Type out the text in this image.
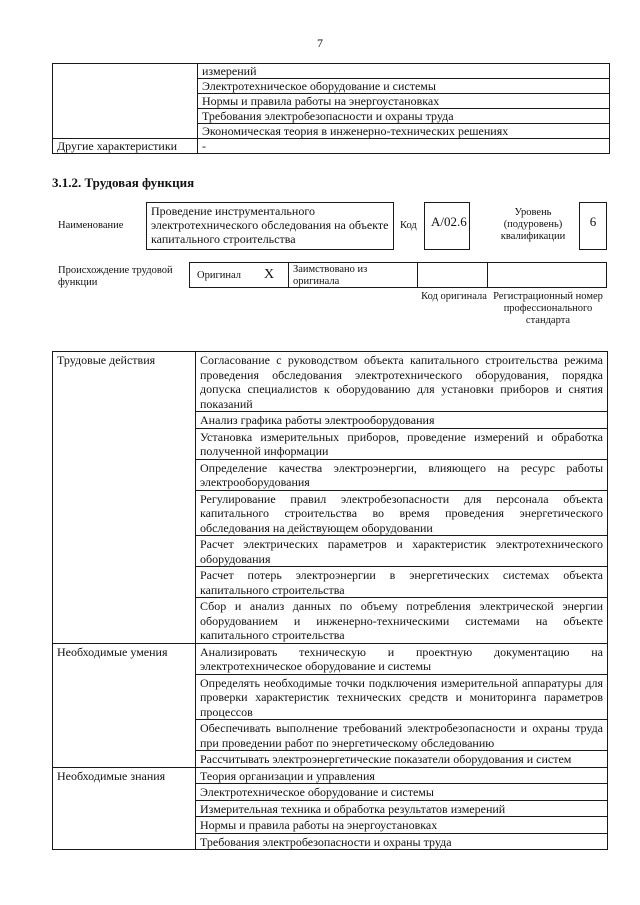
7
	измерений
	Электротехническое оборудование и системы
	Нормы и правила работы на энергоустановках
	Требования электробезопасности и охраны труда
	Экономическая теория в инженерно-технических решениях
Другие характеристики	-
3.1.2. Трудовая функция
Наименование
Проведение инструментального электротехнического обследования на объекте капитального строительства
Код	A/02.6
Уровень (подуровень) квалификации
6
Происхождение трудовой функции
Оригинал X Заимствовано из оригинала
Код оригинала Регистрационный номер профессионального стандарта
Трудовые действия	Согласование с руководством объекта капитального строительства режима проведения обследования электротехнического оборудования, порядка допуска специалистов к оборудованию для установки приборов и снятия показаний
	Анализ графика работы электрооборудования
	Установка измерительных приборов, проведение измерений и обработка полученной информации
	Определение качества электроэнергии, влияющего на ресурс работы электрооборудования
	Регулирование правил электробезопасности для персонала объекта капитального строительства во время проведения энергетического обследования на действующем оборудовании
	Расчет электрических параметров и характеристик электротехнического оборудования
	Расчет потерь электроэнергии в энергетических системах объекта капитального строительства
	Сбор и анализ данных по объему потребления электрической энергии оборудованием и инженерно-техническими системами на объекте капитального строительства
Необходимые умения	Анализировать техническую и проектную документацию на электротехническое оборудование и системы
	Определять необходимые точки подключения измерительной аппаратуры для проверки характеристик технических средств и мониторинга параметров процессов
	Обеспечивать выполнение требований электробезопасности и охраны труда при проведении работ по энергетическому обследованию
	Рассчитывать электроэнергетические показатели оборудования и систем
Необходимые знания	Теория организации и управления
	Электротехническое оборудование и системы
	Измерительная техника и обработка результатов измерений
	Нормы и правила работы на энергоустановках
	Требования электробезопасности и охраны труда
